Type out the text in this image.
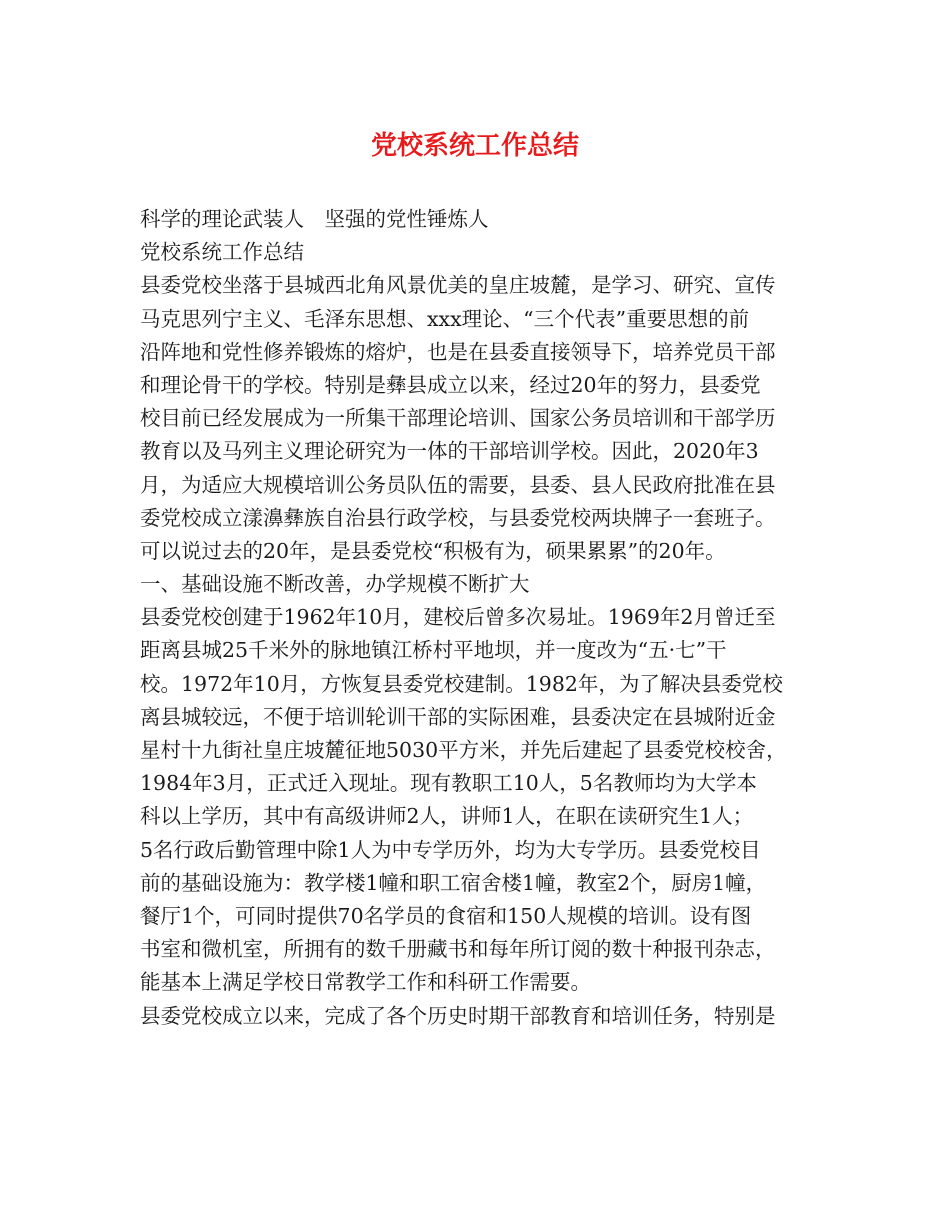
党校系统工作总结
科学的理论武装人　坚强的党性锤炼人
党校系统工作总结
县委党校坐落于县城西北角风景优美的皇庄坡麓，是学习、研究、宣传
马克思列宁主义、毛泽东思想、xxx理论、“三个代表”重要思想的前
沿阵地和党性修养锻炼的熔炉，也是在县委直接领导下，培养党员干部
和理论骨干的学校。特别是彝县成立以来，经过20年的努力，县委党
校目前已经发展成为一所集干部理论培训、国家公务员培训和干部学历
教育以及马列主义理论研究为一体的干部培训学校。因此，2020年3
月，为适应大规模培训公务员队伍的需要，县委、县人民政府批准在县
委党校成立漾濞彝族自治县行政学校，与县委党校两块牌子一套班子。
可以说过去的20年，是县委党校“积极有为，硕果累累”的20年。
一、基础设施不断改善，办学规模不断扩大
县委党校创建于1962年10月，建校后曾多次易址。1969年2月曾迁至
距离县城25千米外的脉地镇江桥村平地坝，并一度改为“五·七”干
校。1972年10月，方恢复县委党校建制。1982年，为了解决县委党校
离县城较远，不便于培训轮训干部的实际困难，县委决定在县城附近金
星村十九街社皇庄坡麓征地5030平方米，并先后建起了县委党校校舍，
1984年3月，正式迁入现址。现有教职工10人，5名教师均为大学本
科以上学历，其中有高级讲师2人，讲师1人，在职在读研究生1人；
5名行政后勤管理中除1人为中专学历外，均为大专学历。县委党校目
前的基础设施为：教学楼1幢和职工宿舍楼1幢，教室2个，厨房1幢，
餐厅1个，可同时提供70名学员的食宿和150人规模的培训。设有图
书室和微机室，所拥有的数千册藏书和每年所订阅的数十种报刊杂志，
能基本上满足学校日常教学工作和科研工作需要。
县委党校成立以来，完成了各个历史时期干部教育和培训任务，特别是
